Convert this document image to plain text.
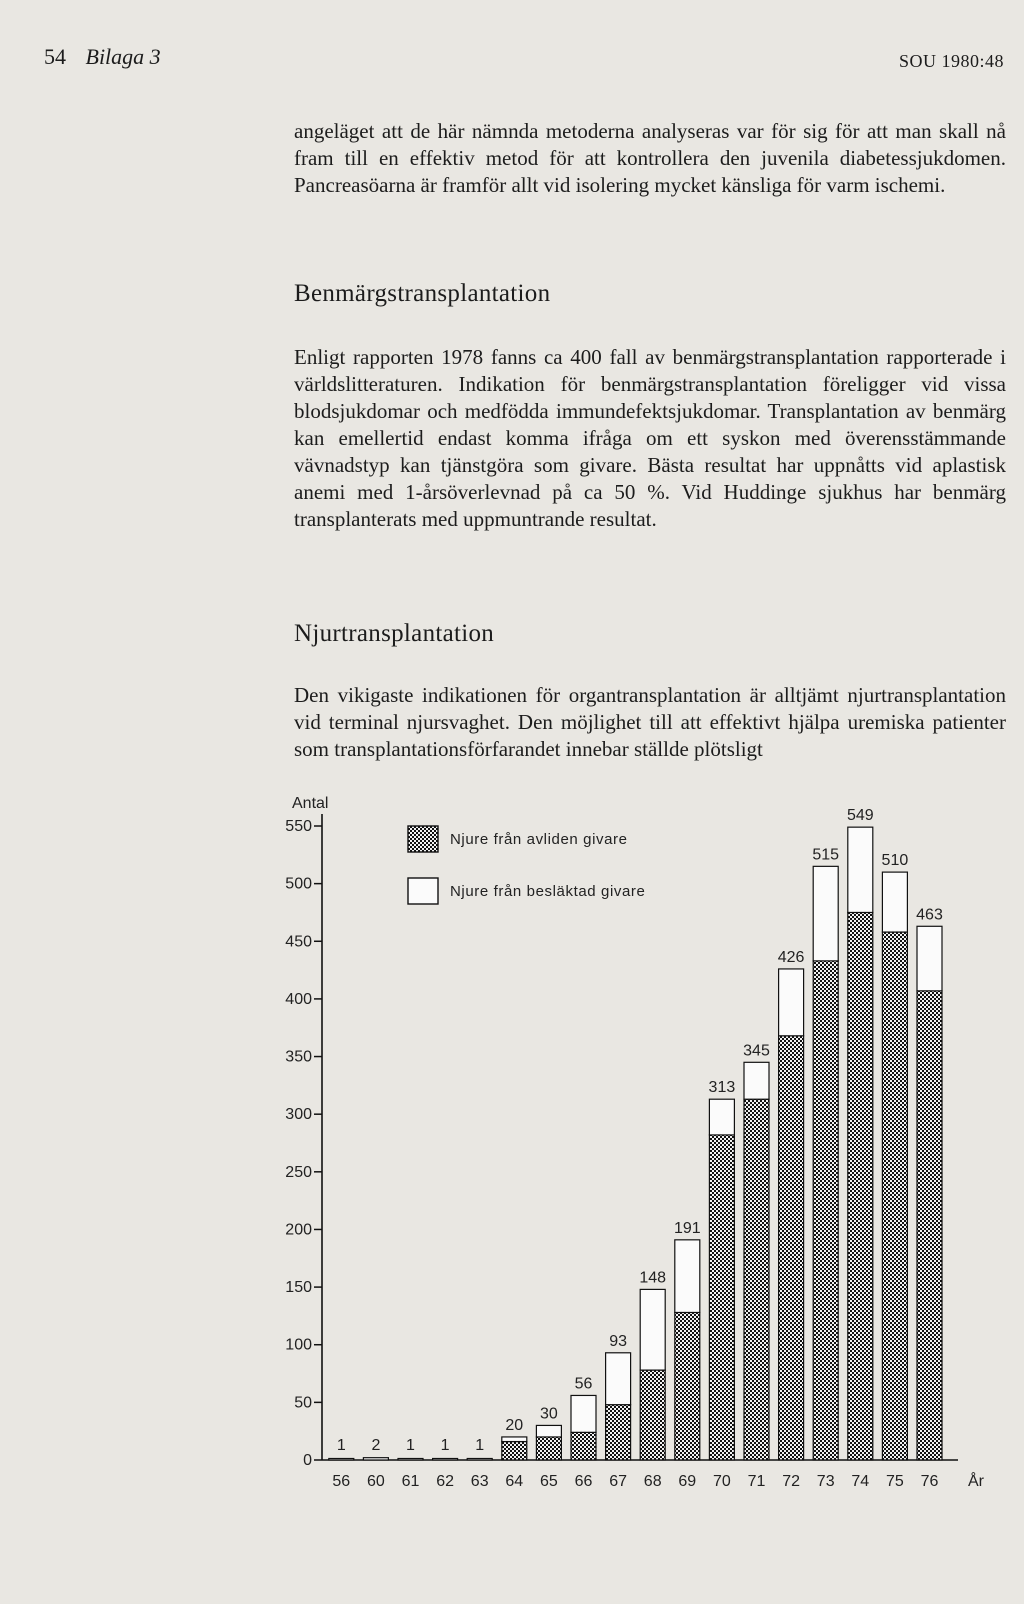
54 Bilaga 3	SOU 1980:48

angeläget att de här nämnda metoderna analyseras var för sig för att man skall nå fram till en effektiv metod för att kontrollera den juvenila diabetessjukdomen. Pancreasöarna är framför allt vid isolering mycket känsliga för varm ischemi.

Benmärgstransplantation

Enligt rapporten 1978 fanns ca 400 fall av benmärgstransplantation rapporterade i världslitteraturen. Indikation för benmärgstransplantation föreligger vid vissa blodsjukdomar och medfödda immundefektsjukdomar. Transplantation av benmärg kan emellertid endast komma ifråga om ett syskon med överensstämmande vävnadstyp kan tjänstgöra som givare. Bästa resultat har uppnåtts vid aplastisk anemi med 1-årsöverlevnad på ca 50 %. Vid Huddinge sjukhus har benmärg transplanterats med uppmuntrande resultat.

Njurtransplantation

Den vikigaste indikationen för organtransplantation är alltjämt njurtransplantation vid terminal njursvaghet. Den möjlighet till att effektivt hjälpa uremiska patienter som transplantationsförfarandet innebar ställde plötsligt

Antal
0
50
100
150
200
250
300
350
400
450
500
550
1
56
2
60
1
61
1
62
1
63
20
64
30
65
56
66
93
67
148
68
191
69
313
70
345
71
426
72
515
73
549
74
510
75
463
76 År
Njure från avliden givare
Njure från besläktad givare
